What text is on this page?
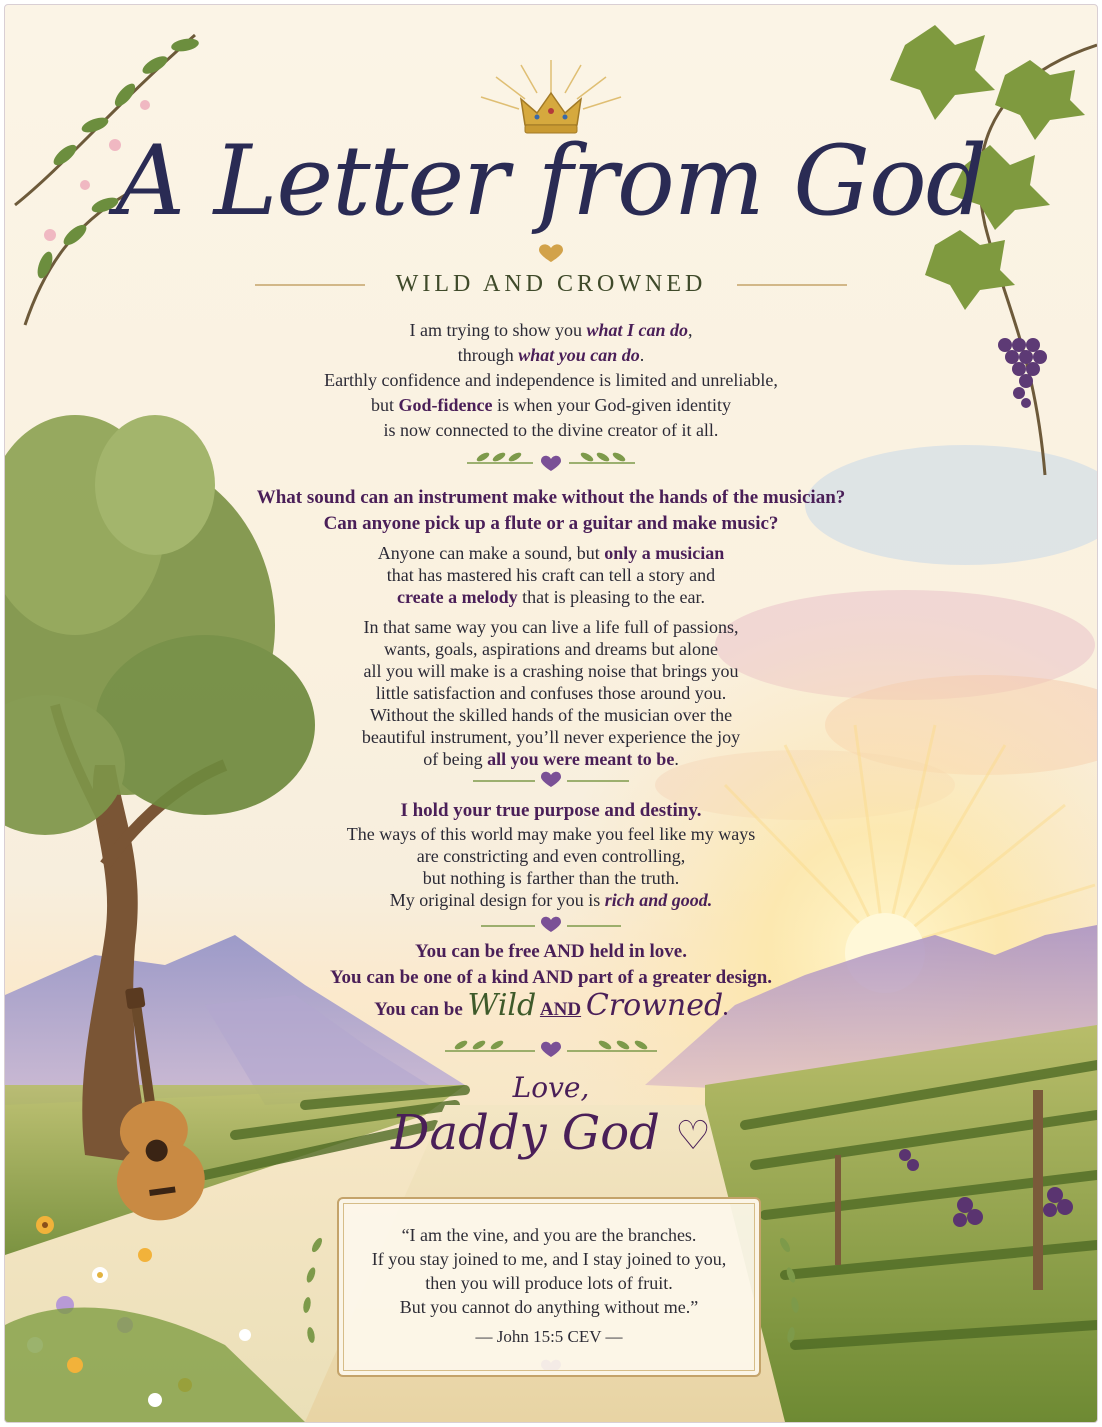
A Letter from God
WILD AND CROWNED
I am trying to show you what I can do,
through what you can do.
Earthly confidence and independence is limited and unreliable,
but God-fidence is when your God-given identity
is now connected to the divine creator of it all.
What sound can an instrument make without the hands of the musician?
Can anyone pick up a flute or a guitar and make music?
Anyone can make a sound, but only a musician
that has mastered his craft can tell a story and
create a melody that is pleasing to the ear.
In that same way you can live a life full of passions,
wants, goals, aspirations and dreams but alone
all you will make is a crashing noise that brings you
little satisfaction and confuses those around you.
Without the skilled hands of the musician over the
beautiful instrument, you’ll never experience the joy
of being all you were meant to be.
I hold your true purpose and destiny.
The ways of this world may make you feel like my ways
are constricting and even controlling,
but nothing is farther than the truth.
My original design for you is rich and good.
You can be free AND held in love.
You can be one of a kind AND part of a greater design.
You can be Wild AND Crowned.
Love,
Daddy God ♡
“I am the vine, and you are the branches.
If you stay joined to me, and I stay joined to you,
then you will produce lots of fruit.
But you cannot do anything without me.”
— John 15:5 CEV —
